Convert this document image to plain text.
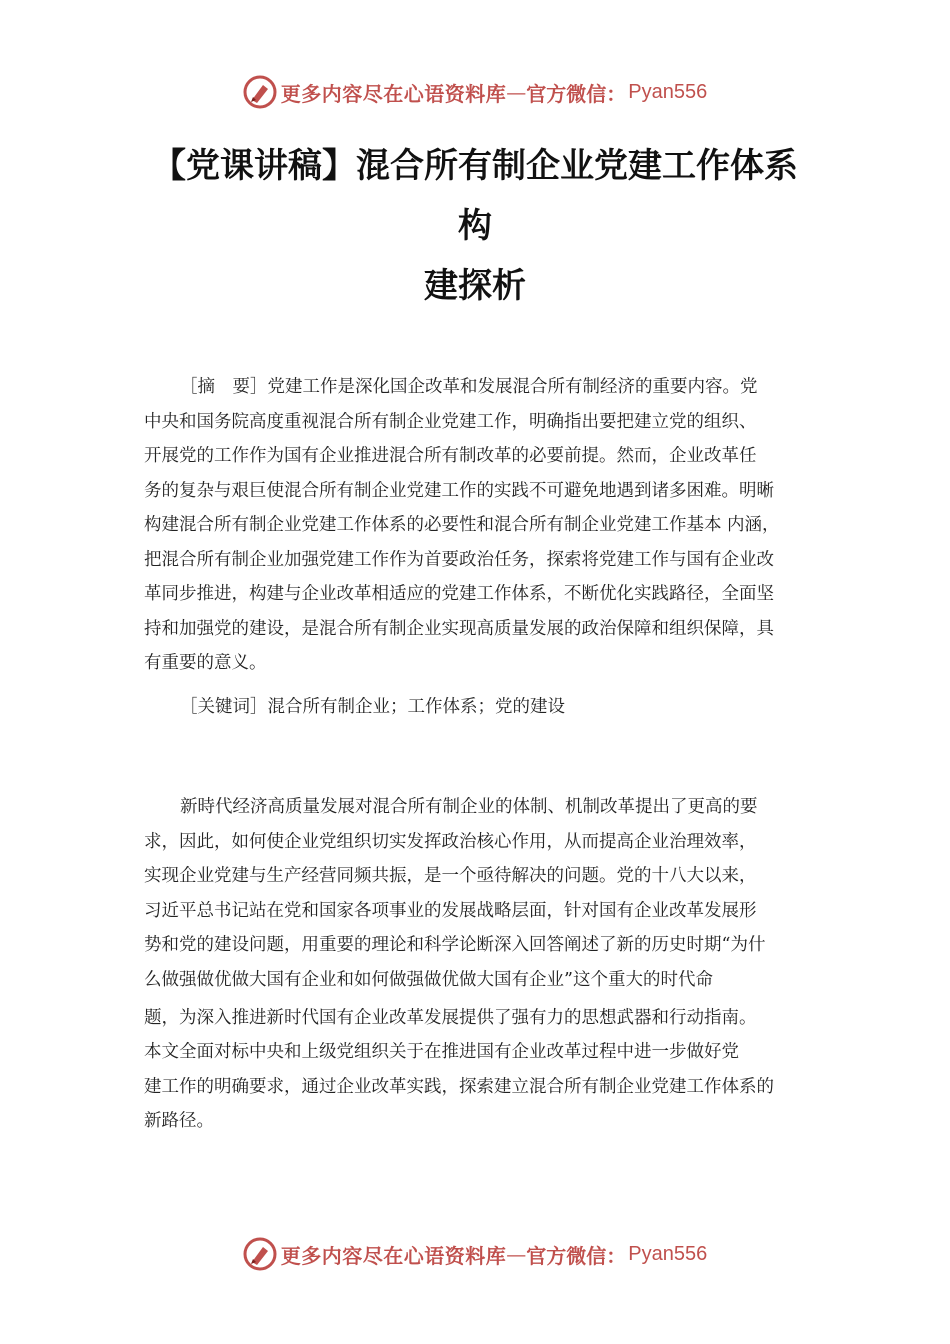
更多内容尽在心语资料库 — 官方微信： Pyan556
【党课讲稿】混合所有制企业党建工作体系
构
建探析
［摘　要］党建工作是深化国企改革和发展混合所有制经济的重要内容。党
中央和国务院高度重视混合所有制企业党建工作，明确指出要把建立党的组织、
开展党的工作作为国有企业推进混合所有制改革的必要前提。然而，企业改革任
务的复杂与艰巨使混合所有制企业党建工作的实践不可避免地遇到诸多困难。明晰
构建混合所有制企业党建工作体系的必要性和混合所有制企业党建工作基本 内涵，
把混合所有制企业加强党建工作作为首要政治任务，探索将党建工作与国有企业改
革同步推进，构建与企业改革相适应的党建工作体系，不断优化实践路径，全面坚
持和加强党的建设，是混合所有制企业实现高质量发展的政治保障和组织保障，具
有重要的意义。
［关键词］混合所有制企业；工作体系；党的建设
新時代经济高质量发展对混合所有制企业的体制、机制改革提出了更高的要
求，因此，如何使企业党组织切实发挥政治核心作用，从而提高企业治理效率，
实现企业党建与生产经营同频共振，是一个亟待解决的问题。党的十八大以来，
习近平总书记站在党和国家各项事业的发展战略层面，针对国有企业改革发展形
势和党的建设问题，用重要的理论和科学论断深入回答阐述了新的历史时期“为什
么做强做优做大国有企业和如何做强做优做大国有企业”这个重大的时代命
题，为深入推进新时代国有企业改革发展提供了强有力的思想武器和行动指南。
本文全面对标中央和上级党组织关于在推进国有企业改革过程中进一步做好党
建工作的明确要求，通过企业改革实践，探索建立混合所有制企业党建工作体系的
新路径。
更多内容尽在心语资料库 — 官方微信： Pyan556
